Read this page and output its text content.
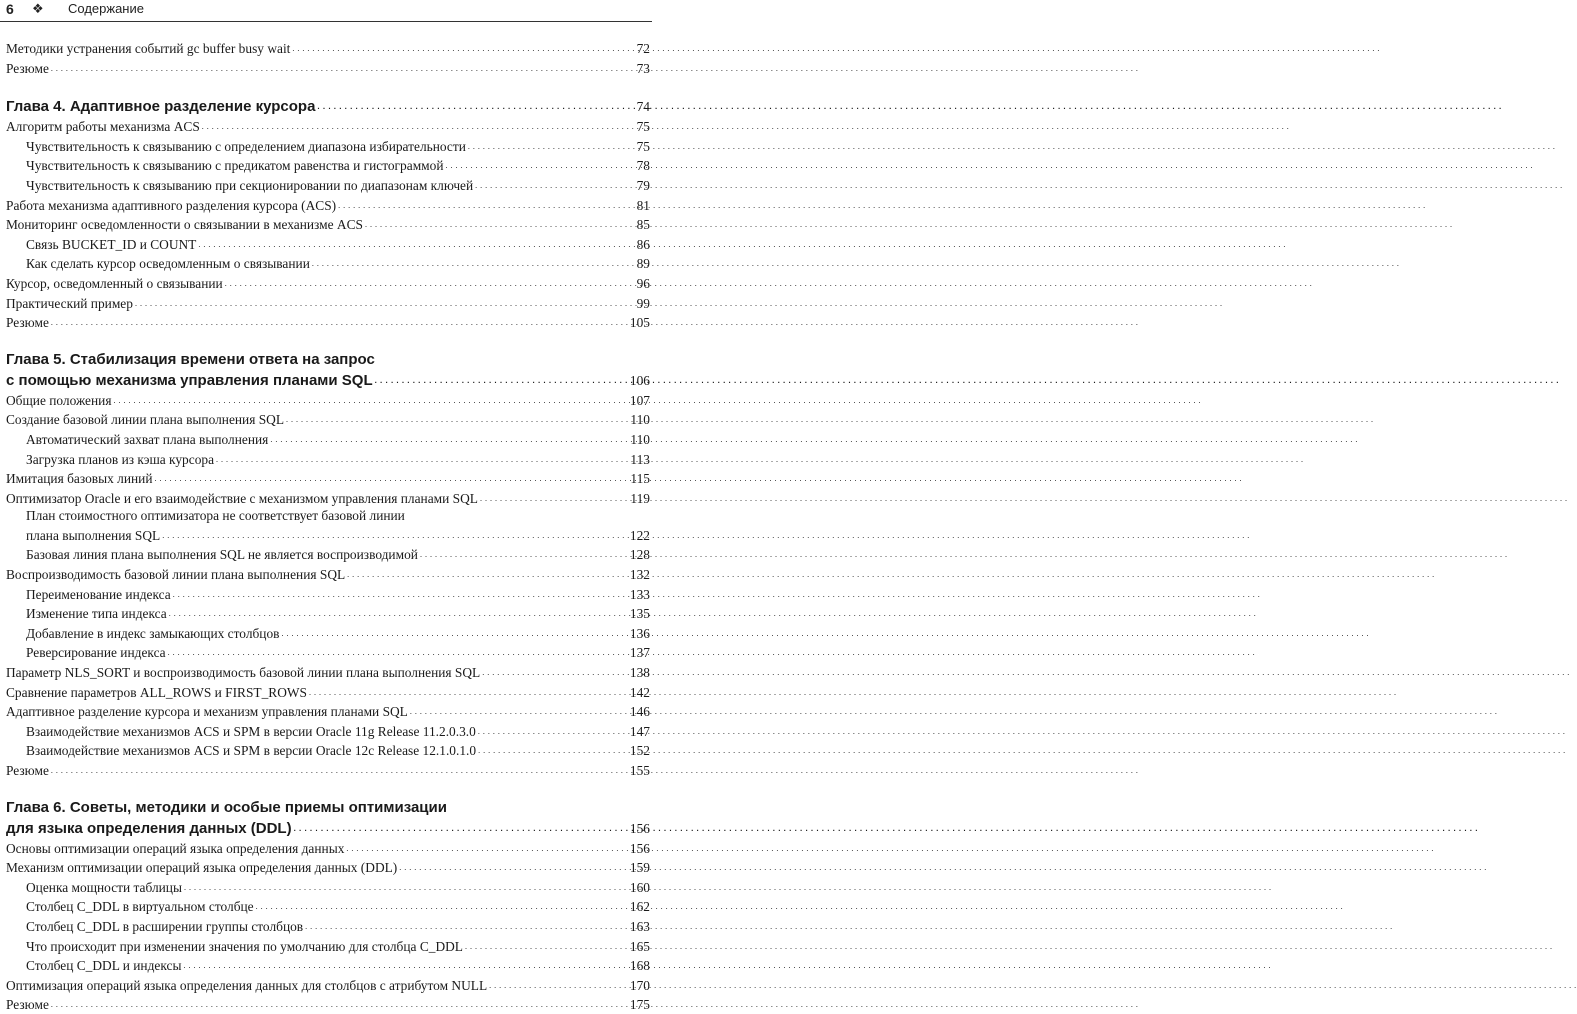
6 ❖ Содержание
Методики устранения событий gc buffer busy wait . . .	72
Резюме . . .	73
Глава 4. Адаптивное разделение курсора . . .	74
Алгоритм работы механизма ACS . . .	75
Чувствительность к связыванию с определением диапазона избирательности . . .	75
Чувствительность к связыванию с предикатом равенства и гистограммой . . .	78
Чувствительность к связыванию при секционировании по диапазонам ключей . . .	79
Работа механизма адаптивного разделения курсора (ACS) . . .	81
Мониторинг осведомленности о связывании в механизме ACS . . .	85
Связь BUCKET_ID и COUNT . . .	86
Как сделать курсор осведомленным о связывании . . .	89
Курсор, осведомленный о связывании . . .	96
Практический пример . . .	99
Резюме . . .	105
Глава 5. Стабилизация времени ответа на запрос
с помощью механизма управления планами SQL . . .	106
Общие положения . . .	107
Создание базовой линии плана выполнения SQL . . .	110
Автоматический захват плана выполнения . . .	110
Загрузка планов из кэша курсора . . .	113
Имитация базовых линий . . .	115
Оптимизатор Oracle и его взаимодействие с механизмом управления планами SQL . . .	119
План стоимостного оптимизатора не соответствует базовой линии
плана выполнения SQL . . .	122
Базовая линия плана выполнения SQL не является воспроизводимой . . .	128
Воспроизводимость базовой линии плана выполнения SQL . . .	132
Переименование индекса . . .	133
Изменение типа индекса . . .	135
Добавление в индекс замыкающих столбцов . . .	136
Реверсирование индекса . . .	137
Параметр NLS_SORT и воспроизводимость базовой линии плана выполнения SQL . . .	138
Сравнение параметров ALL_ROWS и FIRST_ROWS . . .	142
Адаптивное разделение курсора и механизм управления планами SQL . . .	146
Взаимодействие механизмов ACS и SPM в версии Oracle 11g Release 11.2.0.3.0 . . .	147
Взаимодействие механизмов ACS и SPM в версии Oracle 12c Release 12.1.0.1.0 . . .	152
Резюме . . .	155
Глава 6. Советы, методики и особые приемы оптимизации
для языка определения данных (DDL) . . .	156
Основы оптимизации операций языка определения данных . . .	156
Механизм оптимизации операций языка определения данных (DDL) . . .	159
Оценка мощности таблицы . . .	160
Столбец C_DDL в виртуальном столбце . . .	162
Столбец C_DDL в расширении группы столбцов . . .	163
Что происходит при изменении значения по умолчанию для столбца C_DDL . . .	165
Столбец C_DDL и индексы . . .	168
Оптимизация операций языка определения данных для столбцов с атрибутом NULL . . .	170
Резюме . . .	175
